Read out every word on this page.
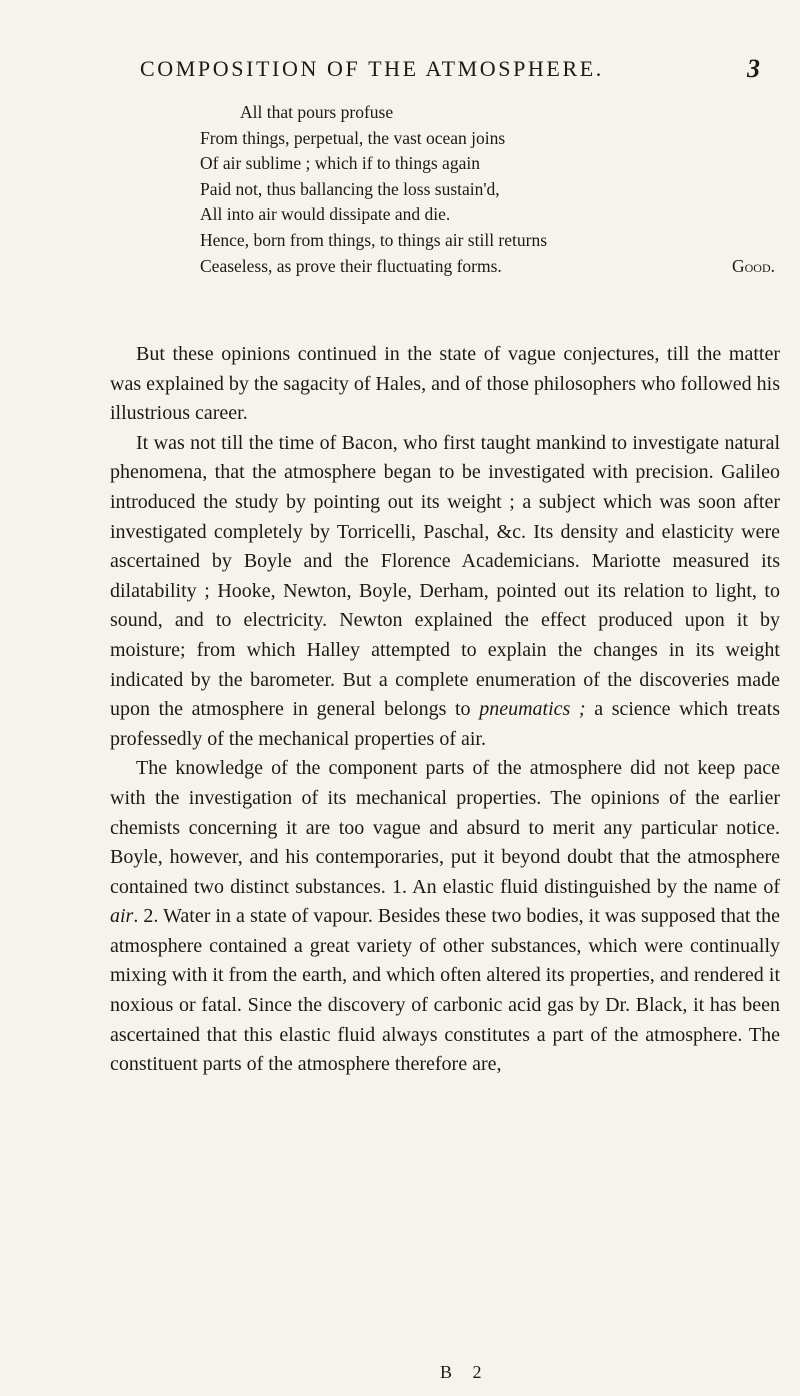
COMPOSITION OF THE ATMOSPHERE.	3
All that pours profuse
From things, perpetual, the vast ocean joins
Of air sublime ; which if to things again
Paid not, thus ballancing the loss sustain'd,
All into air would dissipate and die.
Hence, born from things, to things air still returns
Ceaseless, as prove their fluctuating forms.	Good.

But these opinions continued in the state of vague conjectures, till the matter was explained by the sagacity of Hales, and of those philosophers who followed his illustrious career.

It was not till the time of Bacon, who first taught mankind to investigate natural phenomena, that the atmosphere began to be investigated with precision. Galileo introduced the study by pointing out its weight ; a subject which was soon after investigated completely by Torricelli, Paschal, &c. Its density and elasticity were ascertained by Boyle and the Florence Academicians. Mariotte measured its dilatability ; Hooke, Newton, Boyle, Derham, pointed out its relation to light, to sound, and to electricity. Newton explained the effect produced upon it by moisture; from which Halley attempted to explain the changes in its weight indicated by the barometer. But a complete enumeration of the discoveries made upon the atmosphere in general belongs to pneumatics ; a science which treats professedly of the mechanical properties of air.

The knowledge of the component parts of the atmosphere did not keep pace with the investigation of its mechanical properties. The opinions of the earlier chemists concerning it are too vague and absurd to merit any particular notice. Boyle, however, and his contemporaries, put it beyond doubt that the atmosphere contained two distinct substances. 1. An elastic fluid distinguished by the name of air. 2. Water in a state of vapour. Besides these two bodies, it was supposed that the atmosphere contained a great variety of other substances, which were continually mixing with it from the earth, and which often altered its properties, and rendered it noxious or fatal. Since the discovery of carbonic acid gas by Dr. Black, it has been ascertained that this elastic fluid always constitutes a part of the atmosphere. The constituent parts of the atmosphere therefore are,

B 2
